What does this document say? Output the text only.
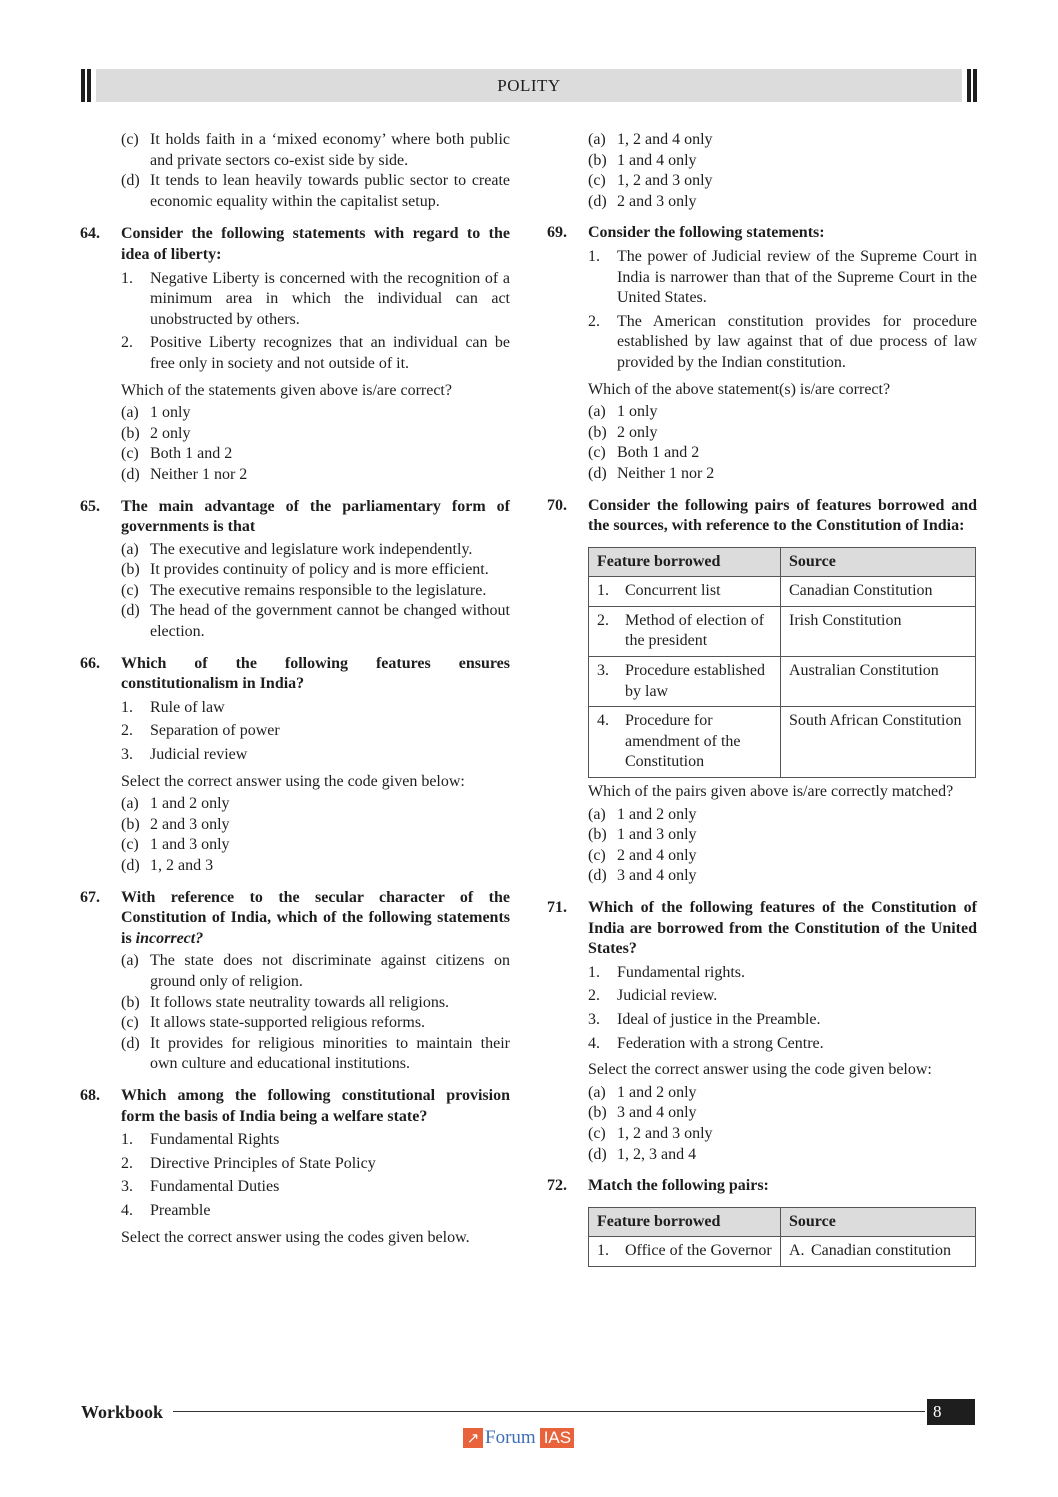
POLITY
(c) It holds faith in a ‘mixed economy’ where both public and private sectors co-exist side by side.
(d) It tends to lean heavily towards public sector to create economic equality within the capitalist setup.
64.	Consider the following statements with regard to the idea of liberty:
1.	Negative Liberty is concerned with the recognition of a minimum area in which the individual can act unobstructed by others.
2.	Positive Liberty recognizes that an individual can be free only in society and not outside of it.
Which of the statements given above is/are correct?
(a) 1 only
(b) 2 only
(c) Both 1 and 2
(d) Neither 1 nor 2
65.	The main advantage of the parliamentary form of governments is that
(a) The executive and legislature work independently.
(b) It provides continuity of policy and is more efficient.
(c) The executive remains responsible to the legislature.
(d) The head of the government cannot be changed without election.
66.	Which of the following features ensures constitutionalism in India?
1.	Rule of law
2.	Separation of power
3.	Judicial review
Select the correct answer using the code given below:
(a) 1 and 2 only
(b) 2 and 3 only
(c) 1 and 3 only
(d) 1, 2 and 3
67.	With reference to the secular character of the Constitution of India, which of the following statements is incorrect?
(a) The state does not discriminate against citizens on ground only of religion.
(b) It follows state neutrality towards all religions.
(c) It allows state-supported religious reforms.
(d) It provides for religious minorities to maintain their own culture and educational institutions.
68.	Which among the following constitutional provision form the basis of India being a welfare state?
1.	Fundamental Rights
2.	Directive Principles of State Policy
3.	Fundamental Duties
4.	Preamble
Select the correct answer using the codes given below.
(a) 1, 2 and 4 only
(b) 1 and 4 only
(c) 1, 2 and 3 only
(d) 2 and 3 only
69.	Consider the following statements:
1.	The power of Judicial review of the Supreme Court in India is narrower than that of the Supreme Court in the United States.
2.	The American constitution provides for procedure established by law against that of due process of law provided by the Indian constitution.
Which of the above statement(s) is/are correct?
(a) 1 only
(b) 2 only
(c) Both 1 and 2
(d) Neither 1 nor 2
70.	Consider the following pairs of features borrowed and the sources, with reference to the Constitution of India:
Feature borrowed	Source

1. Concurrent list	Canadian Constitution

2. Method of election of the president	Irish Constitution

3. Procedure established by law	Australian Constitution

4. Procedure for amendment of the Constitution	South African Constitution
Which of the pairs given above is/are correctly matched?
(a) 1 and 2 only
(b) 1 and 3 only
(c) 2 and 4 only
(d) 3 and 4 only
71.	Which of the following features of the Constitution of India are borrowed from the Constitution of the United States?
1.	Fundamental rights.
2.	Judicial review.
3.	Ideal of justice in the Preamble.
4.	Federation with a strong Centre.
Select the correct answer using the code given below:
(a) 1 and 2 only
(b) 3 and 4 only
(c) 1, 2 and 3 only
(d) 1, 2, 3 and 4
72.	Match the following pairs:
Feature borrowed	Source

1. Office of the Governor	A. Canadian constitution
Workbook	8
↗ Forum IAS
